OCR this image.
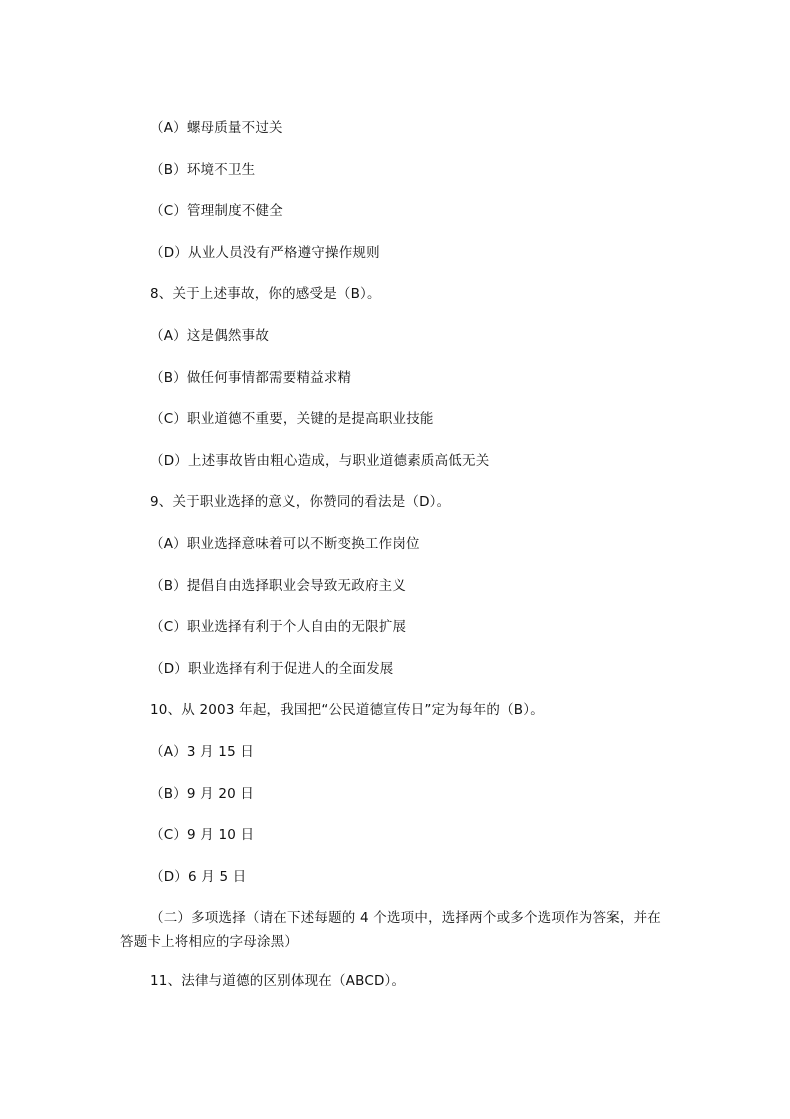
（A）螺母质量不过关
（B）环境不卫生
（C）管理制度不健全
（D）从业人员没有严格遵守操作规则
8、关于上述事故，你的感受是（B）。
（A）这是偶然事故
（B）做任何事情都需要精益求精
（C）职业道德不重要，关键的是提高职业技能
（D）上述事故皆由粗心造成，与职业道德素质高低无关
9、关于职业选择的意义，你赞同的看法是（D）。
（A）职业选择意味着可以不断变换工作岗位
（B）提倡自由选择职业会导致无政府主义
（C）职业选择有利于个人自由的无限扩展
（D）职业选择有利于促进人的全面发展
10、从 2003 年起，我国把“公民道德宣传日”定为每年的（B）。
（A）3 月 15 日
（B）9 月 20 日
（C）9 月 10 日
（D）6 月 5 日
（二）多项选择（请在下述每题的 4 个选项中，选择两个或多个选项作为答案，并在
答题卡上将相应的字母涂黑）
11、法律与道德的区别体现在（ABCD）。
